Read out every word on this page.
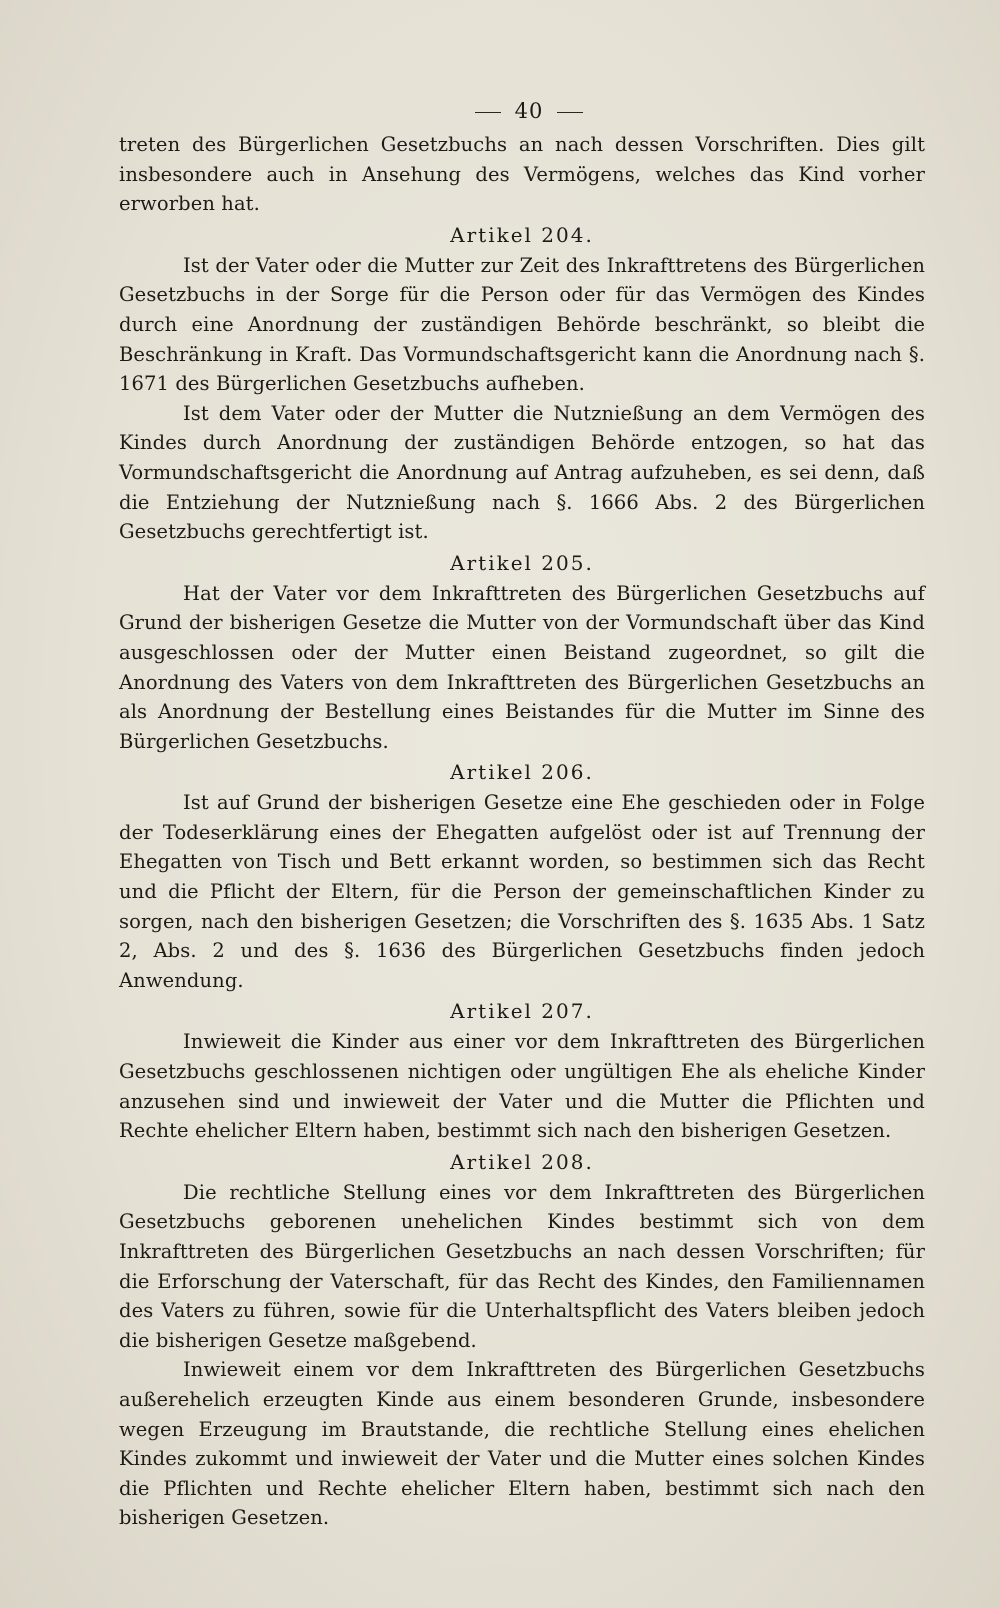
40

treten des Bürgerlichen Gesetzbuchs an nach dessen Vorschriften. Dies gilt insbesondere auch in Ansehung des Vermögens, welches das Kind vorher erworben hat.

Artikel 204.

Ist der Vater oder die Mutter zur Zeit des Inkrafttretens des Bürgerlichen Gesetzbuchs in der Sorge für die Person oder für das Vermögen des Kindes durch eine Anordnung der zuständigen Behörde beschränkt, so bleibt die Beschränkung in Kraft. Das Vormundschaftsgericht kann die Anordnung nach §. 1671 des Bürgerlichen Gesetzbuchs aufheben.

Ist dem Vater oder der Mutter die Nutznießung an dem Vermögen des Kindes durch Anordnung der zuständigen Behörde entzogen, so hat das Vormundschaftsgericht die Anordnung auf Antrag aufzuheben, es sei denn, daß die Entziehung der Nutznießung nach §. 1666 Abs. 2 des Bürgerlichen Gesetzbuchs gerechtfertigt ist.

Artikel 205.

Hat der Vater vor dem Inkrafttreten des Bürgerlichen Gesetzbuchs auf Grund der bisherigen Gesetze die Mutter von der Vormundschaft über das Kind ausgeschlossen oder der Mutter einen Beistand zugeordnet, so gilt die Anordnung des Vaters von dem Inkrafttreten des Bürgerlichen Gesetzbuchs an als Anordnung der Bestellung eines Beistandes für die Mutter im Sinne des Bürgerlichen Gesetzbuchs.

Artikel 206.

Ist auf Grund der bisherigen Gesetze eine Ehe geschieden oder in Folge der Todeserklärung eines der Ehegatten aufgelöst oder ist auf Trennung der Ehegatten von Tisch und Bett erkannt worden, so bestimmen sich das Recht und die Pflicht der Eltern, für die Person der gemeinschaftlichen Kinder zu sorgen, nach den bisherigen Gesetzen; die Vorschriften des §. 1635 Abs. 1 Satz 2, Abs. 2 und des §. 1636 des Bürgerlichen Gesetzbuchs finden jedoch Anwendung.

Artikel 207.

Inwieweit die Kinder aus einer vor dem Inkrafttreten des Bürgerlichen Gesetzbuchs geschlossenen nichtigen oder ungültigen Ehe als eheliche Kinder anzusehen sind und inwieweit der Vater und die Mutter die Pflichten und Rechte ehelicher Eltern haben, bestimmt sich nach den bisherigen Gesetzen.

Artikel 208.

Die rechtliche Stellung eines vor dem Inkrafttreten des Bürgerlichen Gesetzbuchs geborenen unehelichen Kindes bestimmt sich von dem Inkrafttreten des Bürgerlichen Gesetzbuchs an nach dessen Vorschriften; für die Erforschung der Vaterschaft, für das Recht des Kindes, den Familiennamen des Vaters zu führen, sowie für die Unterhaltspflicht des Vaters bleiben jedoch die bisherigen Gesetze maßgebend.

Inwieweit einem vor dem Inkrafttreten des Bürgerlichen Gesetzbuchs außerehelich erzeugten Kinde aus einem besonderen Grunde, insbesondere wegen Erzeugung im Brautstande, die rechtliche Stellung eines ehelichen Kindes zukommt und inwieweit der Vater und die Mutter eines solchen Kindes die Pflichten und Rechte ehelicher Eltern haben, bestimmt sich nach den bisherigen Gesetzen.
